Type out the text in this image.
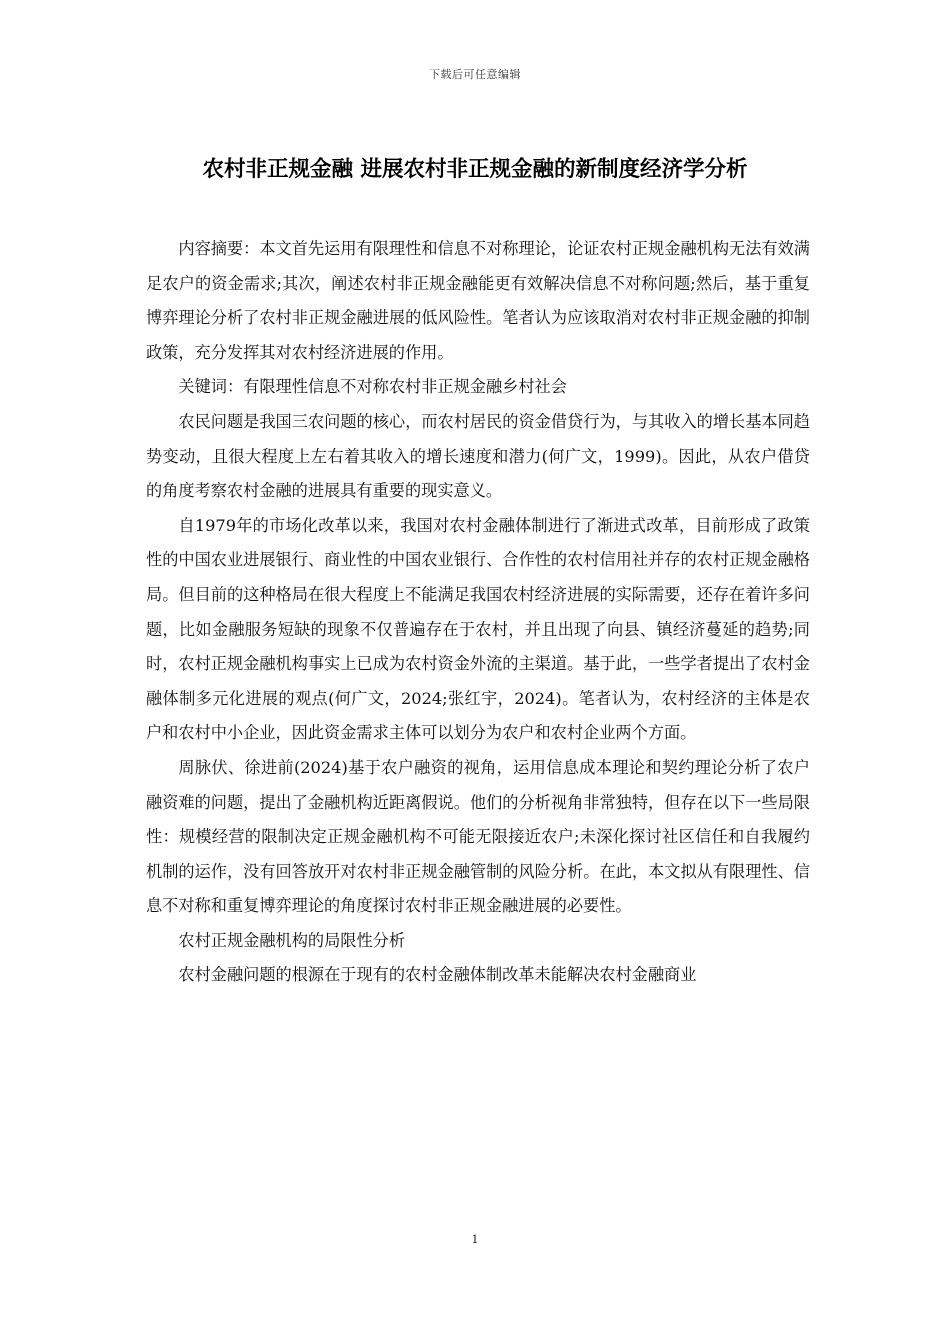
下载后可任意编辑
农村非正规金融 进展农村非正规金融的新制度经济学分析

内容摘要：本文首先运用有限理性和信息不对称理论，论证农村正规金融机构无法有效满足农户的资金需求;其次，阐述农村非正规金融能更有效解决信息不对称问题;然后，基于重复博弈理论分析了农村非正规金融进展的低风险性。笔者认为应该取消对农村非正规金融的抑制政策，充分发挥其对农村经济进展的作用。

关键词：有限理性信息不对称农村非正规金融乡村社会

农民问题是我国三农问题的核心，而农村居民的资金借贷行为，与其收入的增长基本同趋势变动，且很大程度上左右着其收入的增长速度和潜力(何广文，1999)。因此，从农户借贷的角度考察农村金融的进展具有重要的现实意义。

自1979年的市场化改革以来，我国对农村金融体制进行了渐进式改革，目前形成了政策性的中国农业进展银行、商业性的中国农业银行、合作性的农村信用社并存的农村正规金融格局。但目前的这种格局在很大程度上不能满足我国农村经济进展的实际需要，还存在着许多问题，比如金融服务短缺的现象不仅普遍存在于农村，并且出现了向县、镇经济蔓延的趋势;同时，农村正规金融机构事实上已成为农村资金外流的主渠道。基于此，一些学者提出了农村金融体制多元化进展的观点(何广文，2024;张红宇，2024)。笔者认为，农村经济的主体是农户和农村中小企业，因此资金需求主体可以划分为农户和农村企业两个方面。

周脉伏、徐进前(2024)基于农户融资的视角，运用信息成本理论和契约理论分析了农户融资难的问题，提出了金融机构近距离假说。他们的分析视角非常独特，但存在以下一些局限性：规模经营的限制决定正规金融机构不可能无限接近农户;未深化探讨社区信任和自我履约机制的运作，没有回答放开对农村非正规金融管制的风险分析。在此，本文拟从有限理性、信息不对称和重复博弈理论的角度探讨农村非正规金融进展的必要性。

农村正规金融机构的局限性分析

农村金融问题的根源在于现有的农村金融体制改革未能解决农村金融商业

1
